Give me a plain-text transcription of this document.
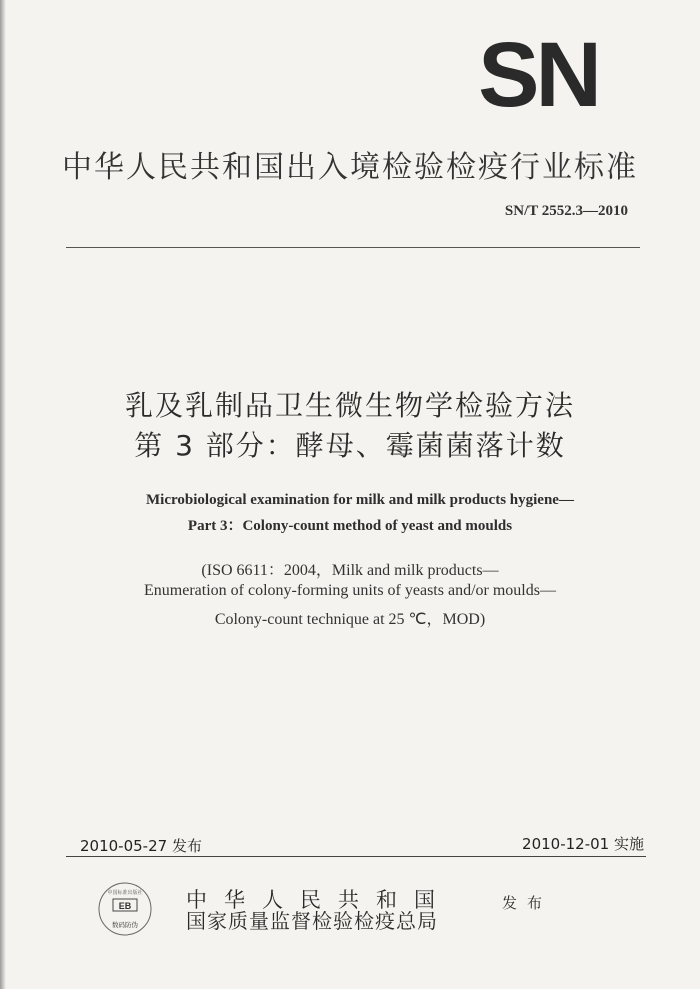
SN
中华人民共和国出入境检验检疫行业标准
SN/T 2552.3—2010
乳及乳制品卫生微生物学检验方法
第 3 部分：酵母、霉菌菌落计数
Microbiological examination for milk and milk products hygiene—
Part 3：Colony-count method of yeast and moulds
(ISO 6611：2004，Milk and milk products—
Enumeration of colony-forming units of yeasts and/or moulds—
Colony-count technique at 25 ℃，MOD)
2010-05-27 发布	2010-12-01 实施
中国标准出版社
EB
数码防伪
中华人民共和国
国家质量监督检验检疫总局
发布
